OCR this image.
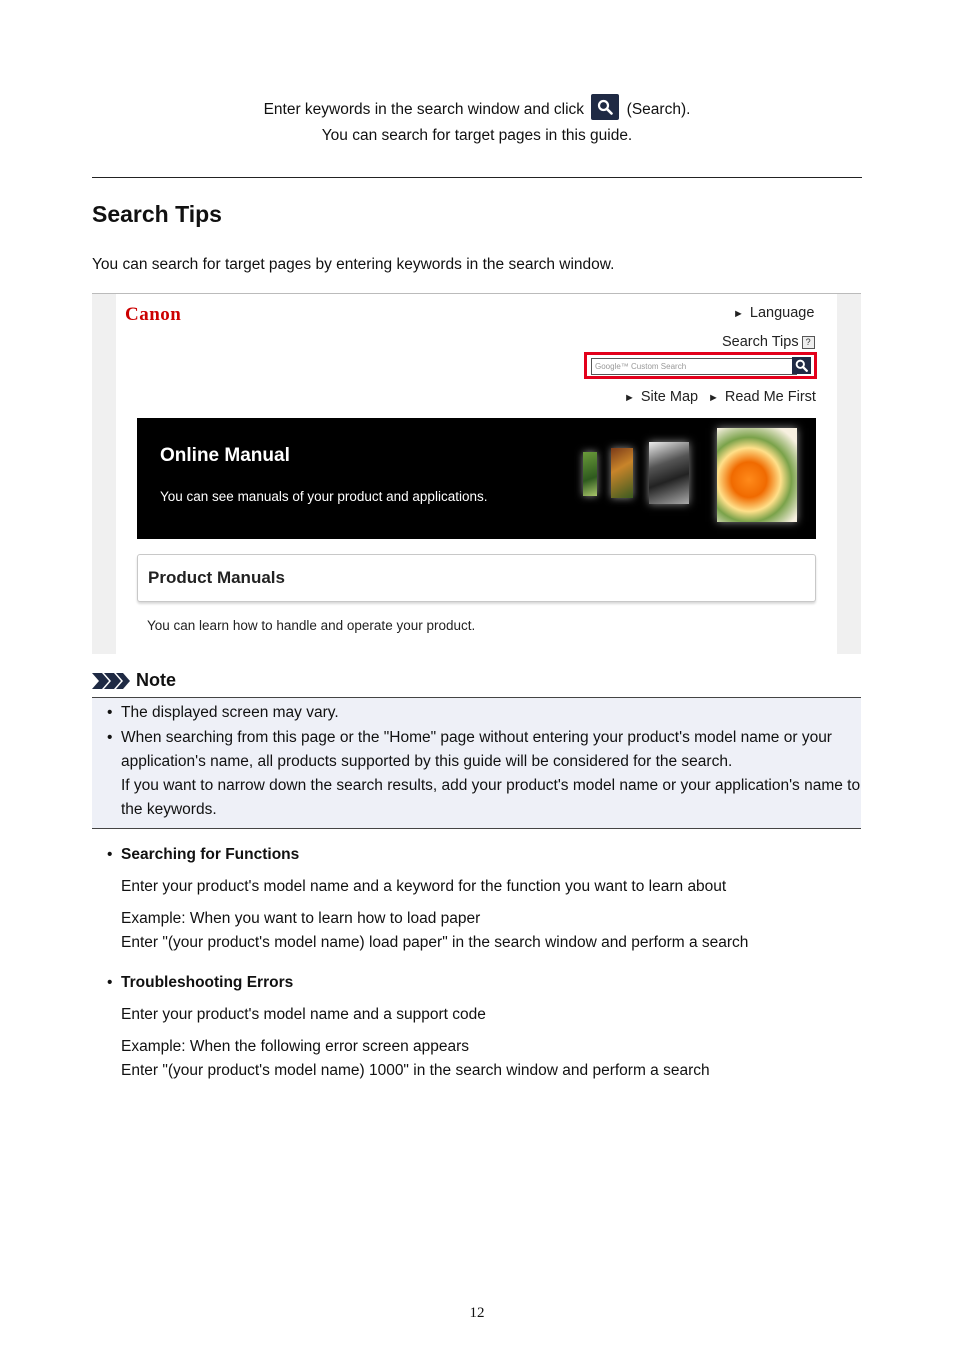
Enter keywords in the search window and click	(Search).
You can search for target pages in this guide.
Search Tips
You can search for target pages by entering keywords in the search window.
Canon	► Language
Search Tips ?
Google™ Custom Search
► Site Map ► Read Me First
Online Manual
You can see manuals of your product and applications.
Product Manuals
You can learn how to handle and operate your product.
Note
• The displayed screen may vary.
• When searching from this page or the "Home" page without entering your product's model name or your application's name, all products supported by this guide will be considered for the search.
If you want to narrow down the search results, add your product's model name or your application's name to the keywords.
• Searching for Functions
Enter your product's model name and a keyword for the function you want to learn about
Example: When you want to learn how to load paper
Enter "(your product's model name) load paper" in the search window and perform a search
• Troubleshooting Errors
Enter your product's model name and a support code
Example: When the following error screen appears
Enter "(your product's model name) 1000" in the search window and perform a search
12
